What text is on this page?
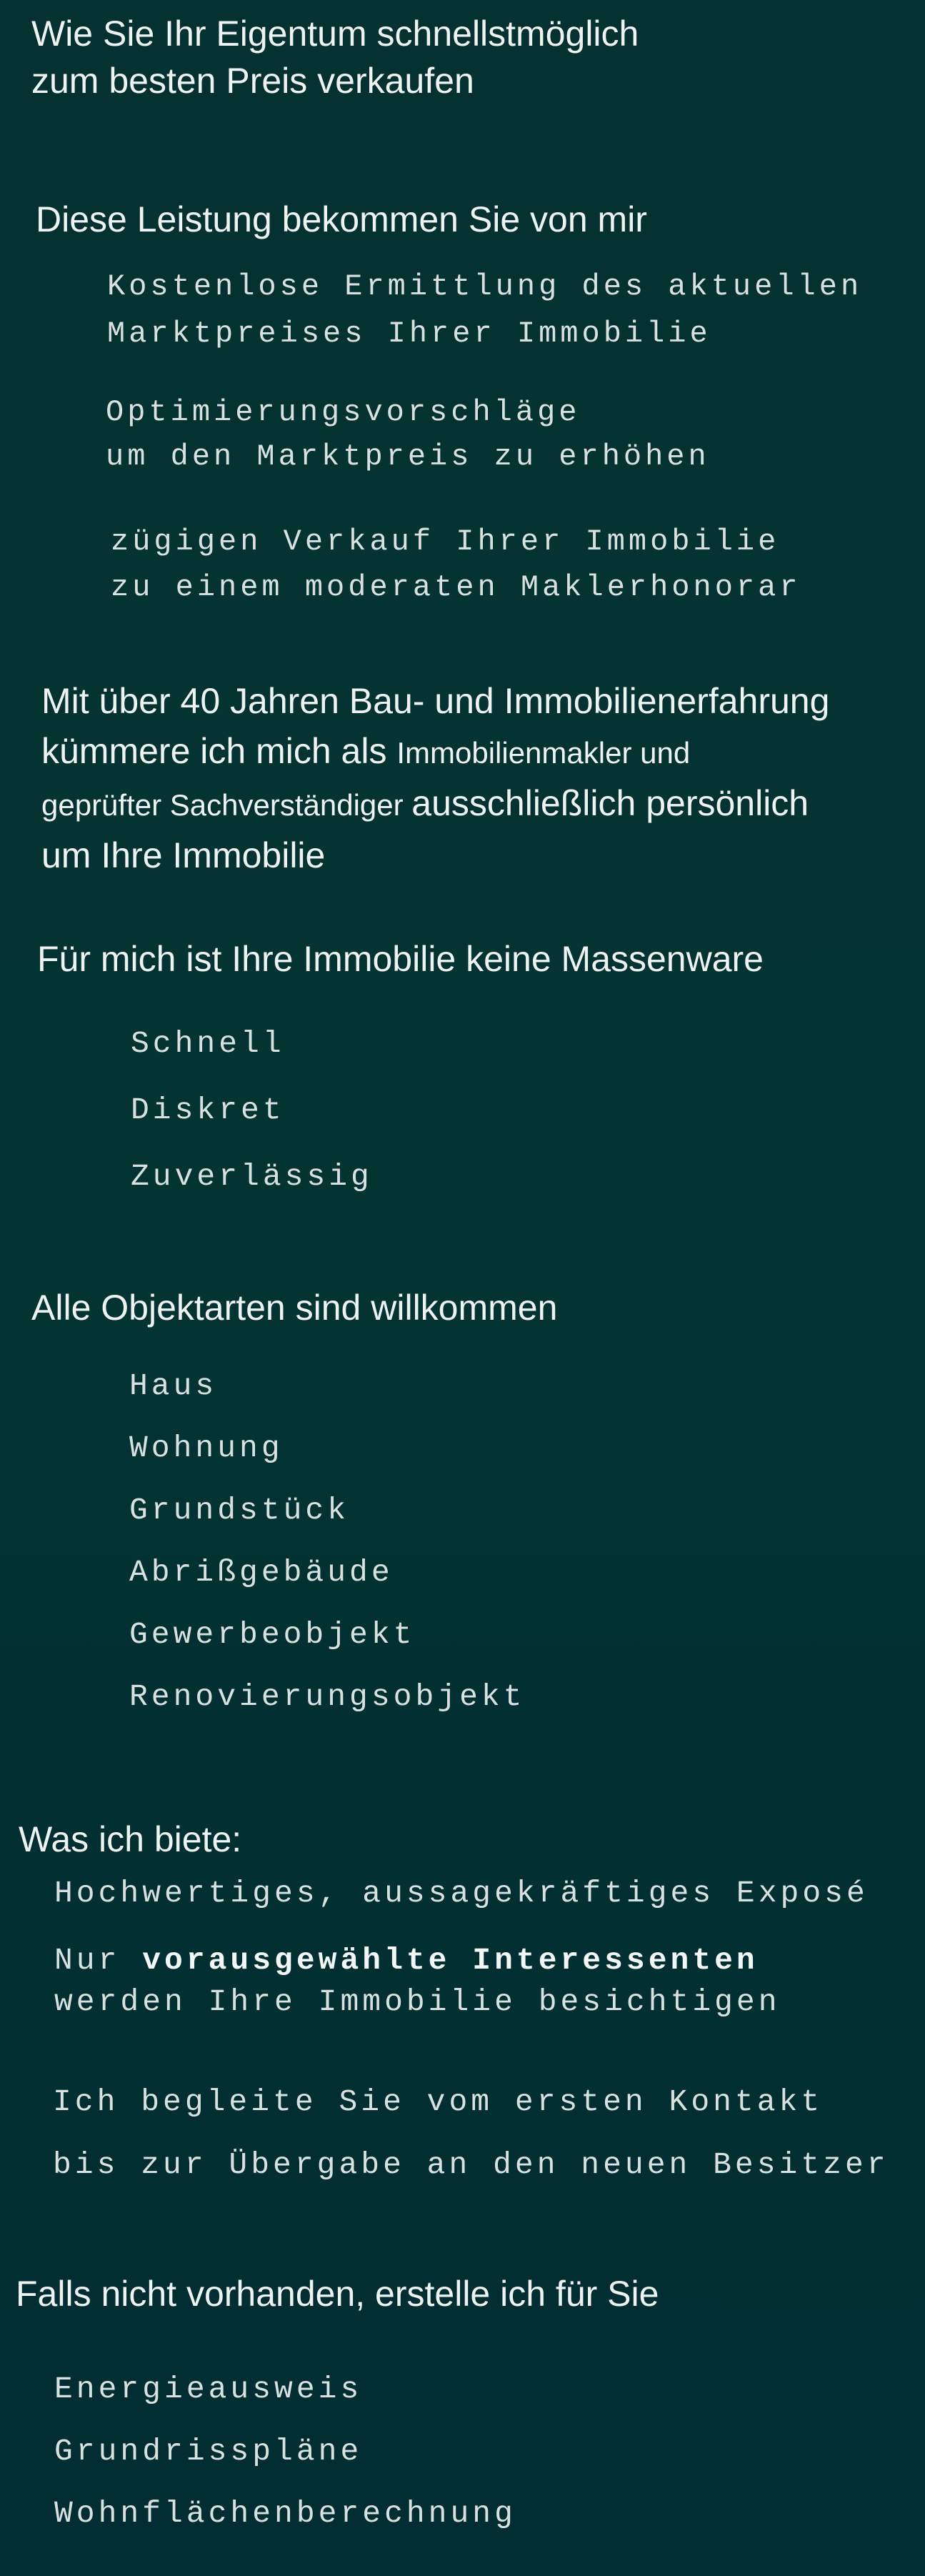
Wie Sie Ihr Eigentum schnellstmöglich
zum besten Preis verkaufen
Diese Leistung bekommen Sie von mir
Kostenlose Ermittlung des aktuellen
Marktpreises Ihrer Immobilie
Optimierungsvorschläge
um den Marktpreis zu erhöhen
zügigen Verkauf Ihrer Immobilie
zu einem moderaten Maklerhonorar
Mit über 40 Jahren Bau- und Immobilienerfahrung
kümmere ich mich als Immobilienmakler und
geprüfter Sachverständiger ausschließlich persönlich
um Ihre Immobilie
Für mich ist Ihre Immobilie keine Massenware
Schnell
Diskret
Zuverlässig
Alle Objektarten sind willkommen
Haus
Wohnung
Grundstück
Abrißgebäude
Gewerbeobjekt
Renovierungsobjekt
Was ich biete:
Hochwertiges, aussagekräftiges Exposé
Nur vorausgewählte Interessenten
werden Ihre Immobilie besichtigen
Ich begleite Sie vom ersten Kontakt
bis zur Übergabe an den neuen Besitzer
Falls nicht vorhanden, erstelle ich für Sie
Energieausweis
Grundrisspläne
Wohnflächenberechnung
